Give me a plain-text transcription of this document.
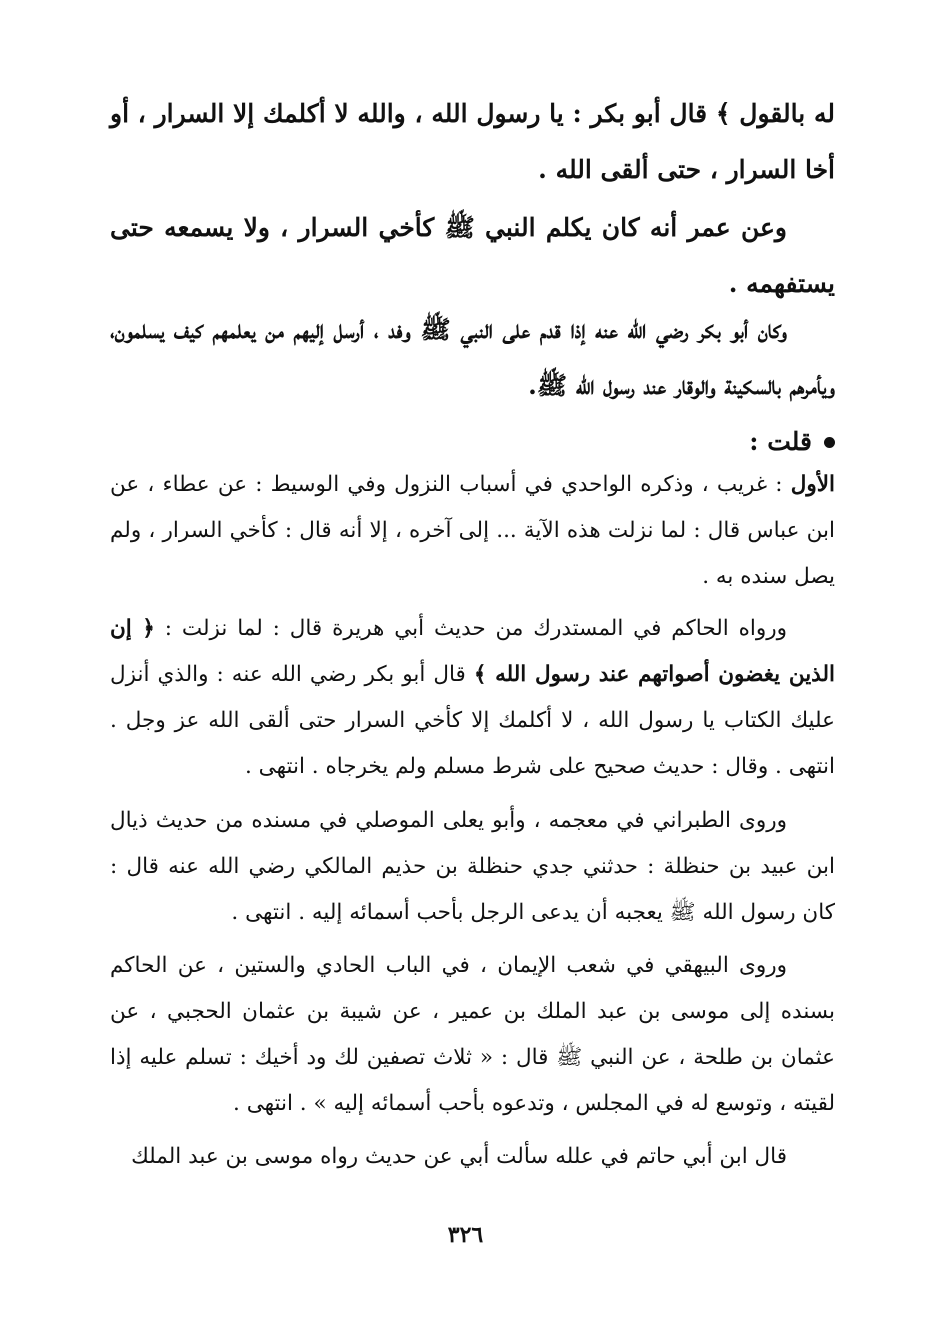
له بالقول ﴾ قال أبو بكر : يا رسول الله ، والله لا أكلمك إلا السرار ، أو أخا السرار ، حتى ألقى الله .
وعن عمر أنه كان يكلم النبي ﷺ كأخي السرار ، ولا يسمعه حتى يستفهمه .
وكان أبو بكر رضي الله عنه إذا قدم على النبي ﷺ وفد ، أرسل إليهم من يعلمهم كيف يسلمون، ويأمرهم بالسكينة والوقار عند رسول الله ﷺ.
قلت :
الأول : غريب ، وذكره الواحدي في أسباب النزول وفي الوسيط : عن عطاء ، عن ابن عباس قال : لما نزلت هذه الآية ... إلى آخره ، إلا أنه قال : كأخي السرار ، ولم يصل سنده به .
ورواه الحاكم في المستدرك من حديث أبي هريرة قال : لما نزلت : ﴿ إن الذين يغضون أصواتهم عند رسول الله ﴾ قال أبو بكر رضي الله عنه : والذي أنزل عليك الكتاب يا رسول الله ، لا أكلمك إلا كأخي السرار حتى ألقى الله عز وجل . انتهى . وقال : حديث صحيح على شرط مسلم ولم يخرجاه . انتهى .
وروى الطبراني في معجمه ، وأبو يعلى الموصلي في مسنده من حديث ذيال ابن عبيد بن حنظلة : حدثني جدي حنظلة بن حذيم المالكي رضي الله عنه قال : كان رسول الله ﷺ يعجبه أن يدعى الرجل بأحب أسمائه إليه . انتهى .
وروى البيهقي في شعب الإيمان ، في الباب الحادي والستين ، عن الحاكم بسنده إلى موسى بن عبد الملك بن عمير ، عن شيبة بن عثمان الحجبي ، عن عثمان بن طلحة ، عن النبي ﷺ قال : « ثلاث تصفين لك ود أخيك : تسلم عليه إذا لقيته ، وتوسع له في المجلس ، وتدعوه بأحب أسمائه إليه » . انتهى .
قال ابن أبي حاتم في علله سألت أبي عن حديث رواه موسى بن عبد الملك
٣٢٦
